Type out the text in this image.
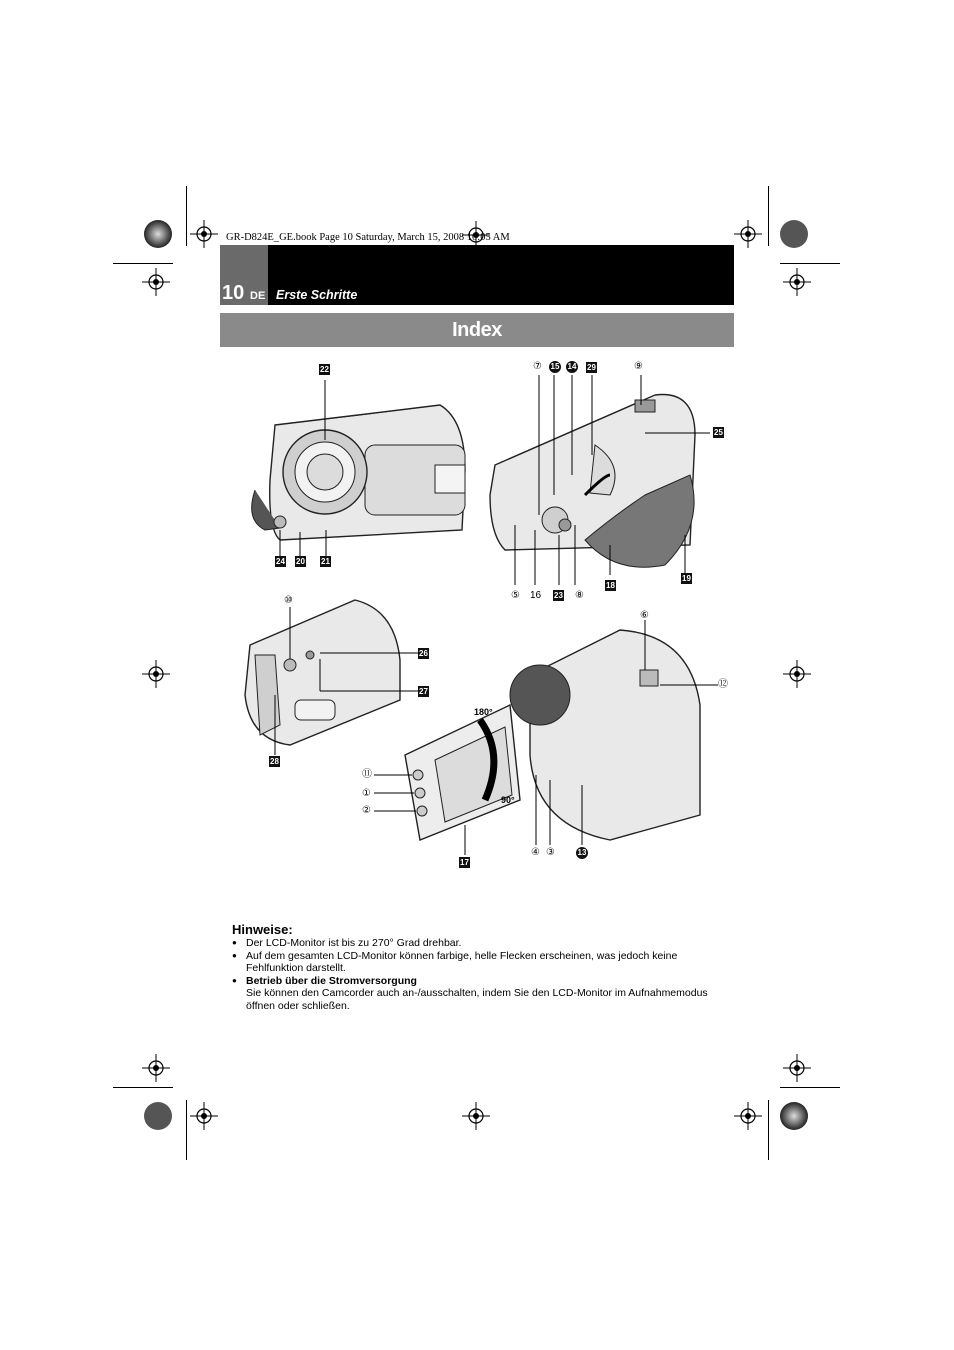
GR-D824E_GE.book Page 10 Saturday, March 15, 2008 10:05 AM
10 DE Erste Schritte
Index
22
24 20 21
⑦ 15 14 29	⑨
25
⑤ 16 23 ⑧
18
19
⑩
26
27
28
⑥
⑫
⑪
①
②
④ ③	13
17
180°
90°
Hinweise:

● Der LCD-Monitor ist bis zu 270° Grad drehbar.

● Auf dem gesamten LCD-Monitor können farbige, helle Flecken erscheinen, was jedoch keine Fehlfunktion darstellt.

● Betrieb über die Stromversorgung
Sie können den Camcorder auch an-/ausschalten, indem Sie den LCD-Monitor im Aufnahmemodus öffnen oder schließen.
